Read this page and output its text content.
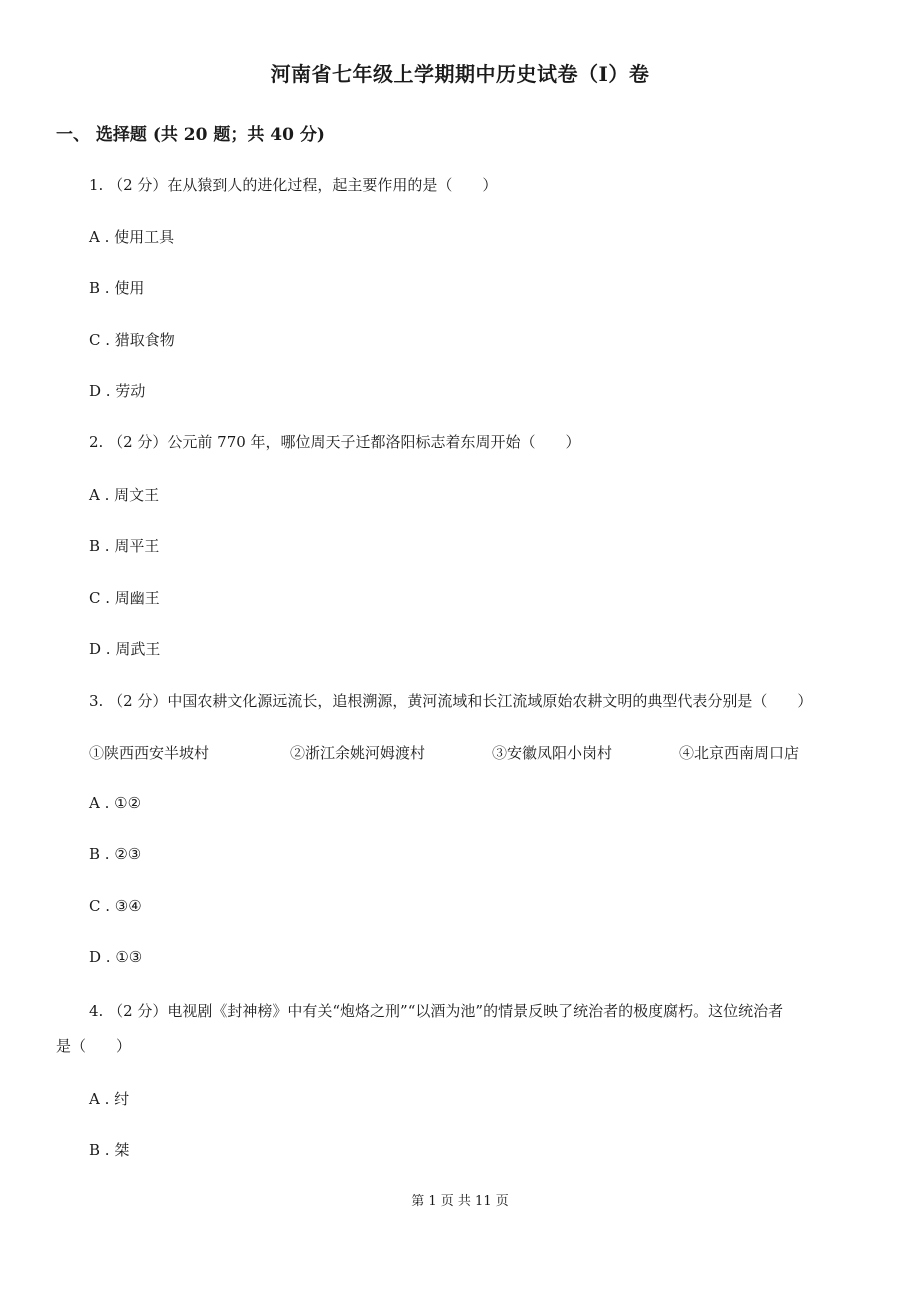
河南省七年级上学期期中历史试卷（I）卷
一、 选择题 (共 20 题；共 40 分)
1. （2 分）在从猿到人的进化过程，起主要作用的是（　　）
A . 使用工具
B . 使用
C . 猎取食物
D . 劳动
2. （2 分）公元前 770 年，哪位周天子迁都洛阳标志着东周开始（　　）
A . 周文王
B . 周平王
C . 周幽王
D . 周武王
3. （2 分）中国农耕文化源远流长，追根溯源，黄河流域和长江流域原始农耕文明的典型代表分别是（　　）
①陕西西安半坡村	②浙江余姚河姆渡村	③安徽凤阳小岗村	④北京西南周口店
A . ①②
B . ②③
C . ③④
D . ①③
4. （2 分）电视剧《封神榜》中有关“炮烙之刑”“以酒为池”的情景反映了统治者的极度腐朽。这位统治者
是（　　）
A . 纣
B . 桀
第 1 页 共 11 页
